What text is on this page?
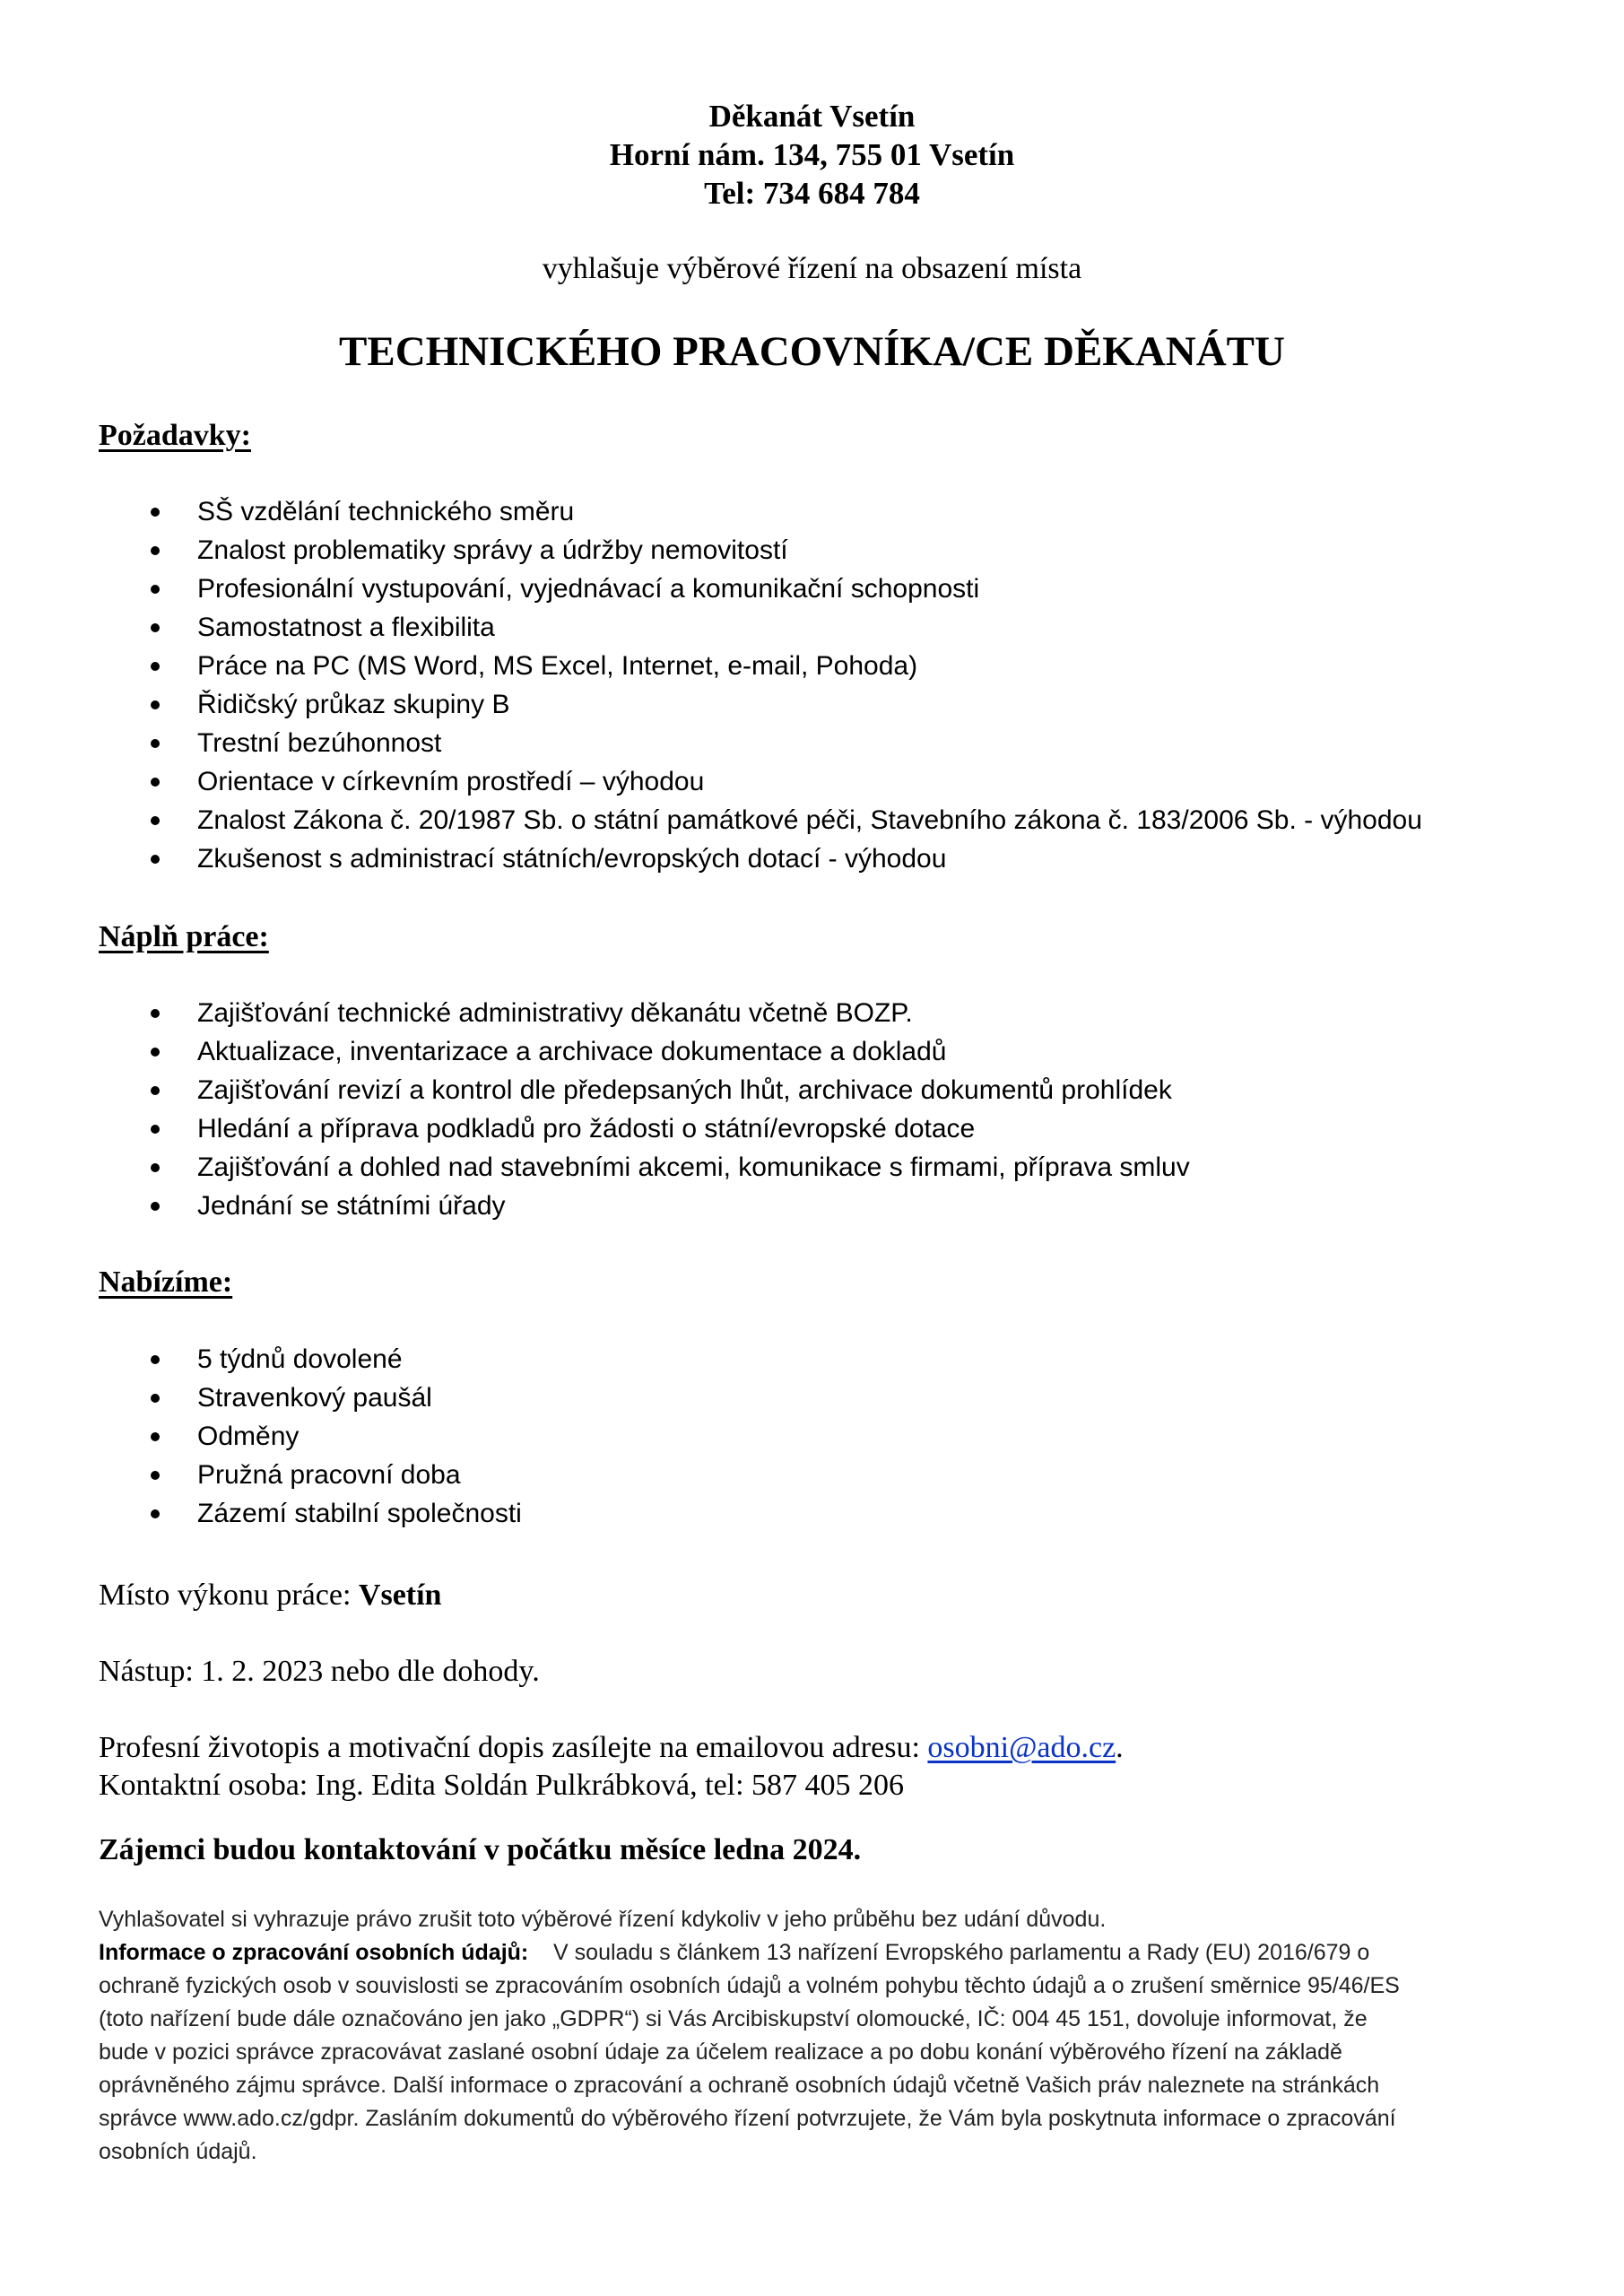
Děkanát Vsetín
Horní nám. 134, 755 01 Vsetín
Tel: 734 684 784
vyhlašuje výběrové řízení na obsazení místa
TECHNICKÉHO PRACOVNÍKA/CE DĚKANÁTU
Požadavky:
SŠ vzdělání technického směru
Znalost problematiky správy a údržby nemovitostí
Profesionální vystupování, vyjednávací a komunikační schopnosti
Samostatnost a flexibilita
Práce na PC (MS Word, MS Excel, Internet, e-mail, Pohoda)
Řidičský průkaz skupiny B
Trestní bezúhonnost
Orientace v církevním prostředí – výhodou
Znalost Zákona č. 20/1987 Sb. o státní památkové péči, Stavebního zákona č. 183/2006 Sb. - výhodou
Zkušenost s administrací státních/evropských dotací - výhodou
Náplň práce:
Zajišťování technické administrativy děkanátu včetně BOZP.
Aktualizace, inventarizace a archivace dokumentace a dokladů
Zajišťování revizí a kontrol dle předepsaných lhůt, archivace dokumentů prohlídek
Hledání a příprava podkladů pro žádosti o státní/evropské dotace
Zajišťování a dohled nad stavebními akcemi, komunikace s firmami, příprava smluv
Jednání se státními úřady
Nabízíme:
5 týdnů dovolené
Stravenkový paušál
Odměny
Pružná pracovní doba
Zázemí stabilní společnosti
Místo výkonu práce: Vsetín
Nástup: 1. 2. 2023 nebo dle dohody.
Profesní životopis a motivační dopis zasílejte na emailovou adresu: osobni@ado.cz.
Kontaktní osoba: Ing. Edita Soldán Pulkrábková, tel: 587 405 206
Zájemci budou kontaktování v počátku měsíce ledna 2024.
Vyhlašovatel si vyhrazuje právo zrušit toto výběrové řízení kdykoliv v jeho průběhu bez udání důvodu.
Informace o zpracování osobních údajů: V souladu s článkem 13 nařízení Evropského parlamentu a Rady (EU) 2016/679 o
ochraně fyzických osob v souvislosti se zpracováním osobních údajů a volném pohybu těchto údajů a o zrušení směrnice 95/46/ES
(toto nařízení bude dále označováno jen jako „GDPR“) si Vás Arcibiskupství olomoucké, IČ: 004 45 151, dovoluje informovat, že
bude v pozici správce zpracovávat zaslané osobní údaje za účelem realizace a po dobu konání výběrového řízení na základě
oprávněného zájmu správce. Další informace o zpracování a ochraně osobních údajů včetně Vašich práv naleznete na stránkách
správce www.ado.cz/gdpr. Zasláním dokumentů do výběrového řízení potvrzujete, že Vám byla poskytnuta informace o zpracování
osobních údajů.
